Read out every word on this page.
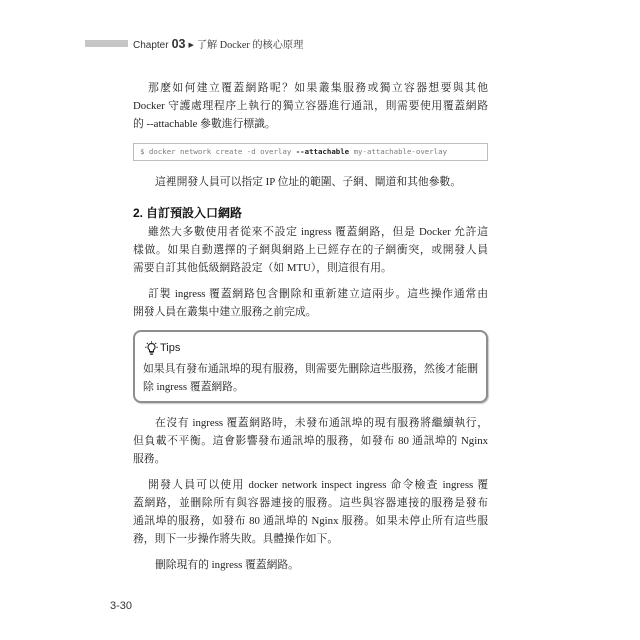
Chapter 03 ▶ 了解 Docker 的核心原理
那麼如何建立覆蓋網路呢？如果叢集服務或獨立容器想要與其他
Docker 守護處理程序上執行的獨立容器進行通訊，則需要使用覆蓋網路
的 --attachable 參數進行標識。
$ docker network create -d overlay --attachable my-attachable-overlay
這裡開發人員可以指定 IP 位址的範圍、子網、閘道和其他參數。
2. 自訂預設入口網路
雖然大多數使用者從來不設定 ingress 覆蓋網路，但是 Docker 允許這
樣做。如果自動選擇的子網與網路上已經存在的子網衝突，或開發人員
需要自訂其他低級網路設定（如 MTU），則這很有用。
訂製 ingress 覆蓋網路包含刪除和重新建立這兩步。這些操作通常由
開發人員在叢集中建立服務之前完成。
Tips
如果具有發布通訊埠的現有服務，則需要先刪除這些服務，然後才能刪
除 ingress 覆蓋網路。
在沒有 ingress 覆蓋網路時，未發布通訊埠的現有服務將繼續執行，
但負載不平衡。這會影響發布通訊埠的服務，如發布 80 通訊埠的 Nginx
服務。
開發人員可以使用 docker network inspect ingress 命令檢查 ingress 覆
蓋網路，並刪除所有與容器連接的服務。這些與容器連接的服務是發布
通訊埠的服務，如發布 80 通訊埠的 Nginx 服務。如果未停止所有這些服
務，則下一步操作將失敗。具體操作如下。
刪除現有的 ingress 覆蓋網路。
3-30
